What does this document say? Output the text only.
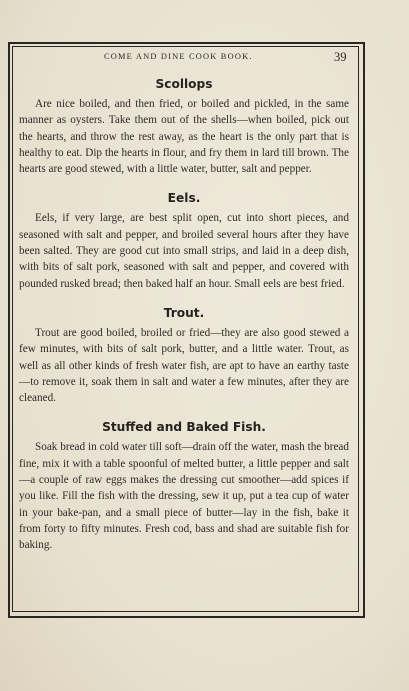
COME AND DINE COOK BOOK.	39
Scollops

Are nice boiled, and then fried, or boiled and pickled, in the same manner as oysters. Take them out of the shells—when boiled, pick out the hearts, and throw the rest away, as the heart is the only part that is healthy to eat. Dip the hearts in flour, and fry them in lard till brown. The hearts are good stewed, with a little water, butter, salt and pepper.

Eels.

Eels, if very large, are best split open, cut into short pieces, and seasoned with salt and pepper, and broiled several hours after they have been salted. They are good cut into small strips, and laid in a deep dish, with bits of salt pork, seasoned with salt and pepper, and covered with pounded rusked bread; then baked half an hour. Small eels are best fried.

Trout.

Trout are good boiled, broiled or fried—they are also good stewed a few minutes, with bits of salt pork, butter, and a little water. Trout, as well as all other kinds of fresh water fish, are apt to have an earthy taste—to remove it, soak them in salt and water a few minutes, after they are cleaned.

Stuffed and Baked Fish.

Soak bread in cold water till soft—drain off the water, mash the bread fine, mix it with a table spoonful of melted butter, a little pepper and salt—a couple of raw eggs makes the dressing cut smoother—add spices if you like. Fill the fish with the dressing, sew it up, put a tea cup of water in your bake-pan, and a small piece of butter—lay in the fish, bake it from forty to fifty minutes. Fresh cod, bass and shad are suitable fish for baking.
